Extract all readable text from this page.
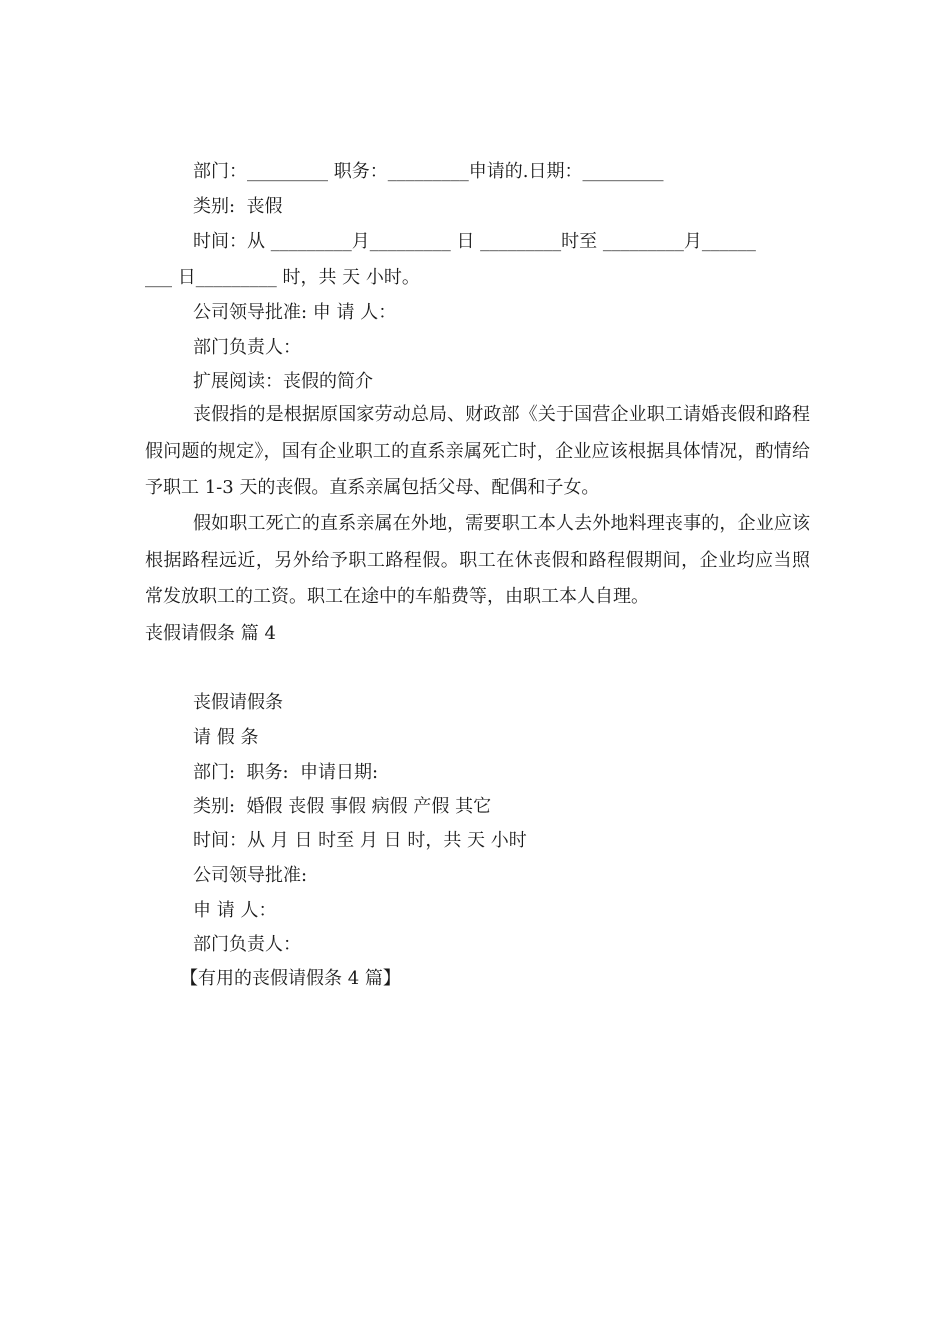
部门：_________ 职务：_________申请的.日期：_________
类别:  丧假
时间：从 _________月_________ 日 _________时至 _________月______
___ 日_________ 时，共 天 小时。
公司领导批准: 申 请 人：
部门负责人：
扩展阅读：丧假的简介
丧假指的是根据原国家劳动总局、财政部《关于国营企业职工请婚丧假和路程假问题的规定》，国有企业职工的直系亲属死亡时，企业应该根据具体情况，酌情给予职工 1-3 天的丧假。直系亲属包括父母、配偶和子女。
假如职工死亡的直系亲属在外地，需要职工本人去外地料理丧事的，企业应该根据路程远近，另外给予职工路程假。职工在休丧假和路程假期间，企业均应当照常发放职工的工资。职工在途中的车船费等，由职工本人自理。
丧假请假条 篇 4
丧假请假条
请 假 条
部门:  职务:  申请日期:
类别:  婚假 丧假 事假 病假 产假 其它
时间：从 月 日 时至 月 日 时，共 天 小时
公司领导批准:
申 请 人：
部门负责人：
【有用的丧假请假条 4 篇】
